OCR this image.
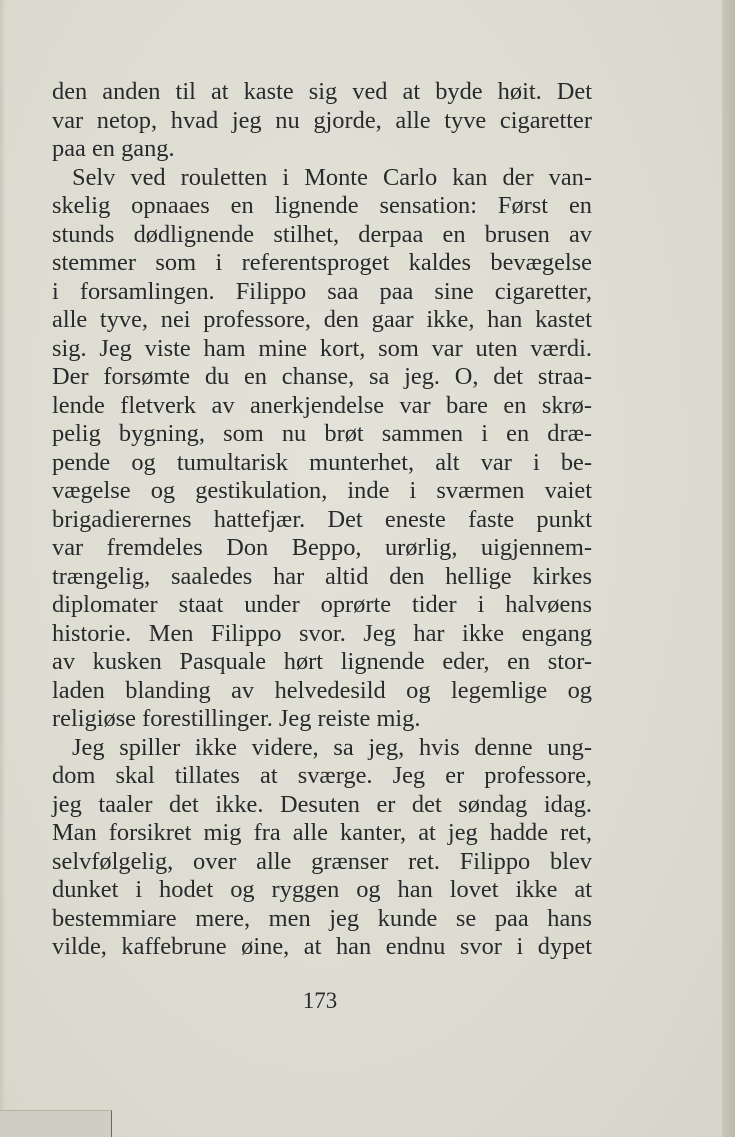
den anden til at kaste sig ved at byde høit. Det
var netop, hvad jeg nu gjorde, alle tyve cigaretter
paa en gang.
Selv ved rouletten i Monte Carlo kan der van-
skelig opnaaes en lignende sensation: Først en
stunds dødlignende stilhet, derpaa en brusen av
stemmer som i referentsproget kaldes bevægelse
i forsamlingen. Filippo saa paa sine cigaretter,
alle tyve, nei professore, den gaar ikke, han kastet
sig. Jeg viste ham mine kort, som var uten værdi.
Der forsømte du en chanse, sa jeg. O, det straa-
lende fletverk av anerkjendelse var bare en skrø-
pelig bygning, som nu brøt sammen i en dræ-
pende og tumultarisk munterhet, alt var i be-
vægelse og gestikulation, inde i sværmen vaiet
brigadierernes hattefjær. Det eneste faste punkt
var fremdeles Don Beppo, urørlig, uigjennem-
trængelig, saaledes har altid den hellige kirkes
diplomater staat under oprørte tider i halvøens
historie. Men Filippo svor. Jeg har ikke engang
av kusken Pasquale hørt lignende eder, en stor-
laden blanding av helvedesild og legemlige og
religiøse forestillinger. Jeg reiste mig.
Jeg spiller ikke videre, sa jeg, hvis denne ung-
dom skal tillates at sværge. Jeg er professore,
jeg taaler det ikke. Desuten er det søndag idag.
Man forsikret mig fra alle kanter, at jeg hadde ret,
selvfølgelig, over alle grænser ret. Filippo blev
dunket i hodet og ryggen og han lovet ikke at
bestemmiare mere, men jeg kunde se paa hans
vilde, kaffebrune øine, at han endnu svor i dypet
173
